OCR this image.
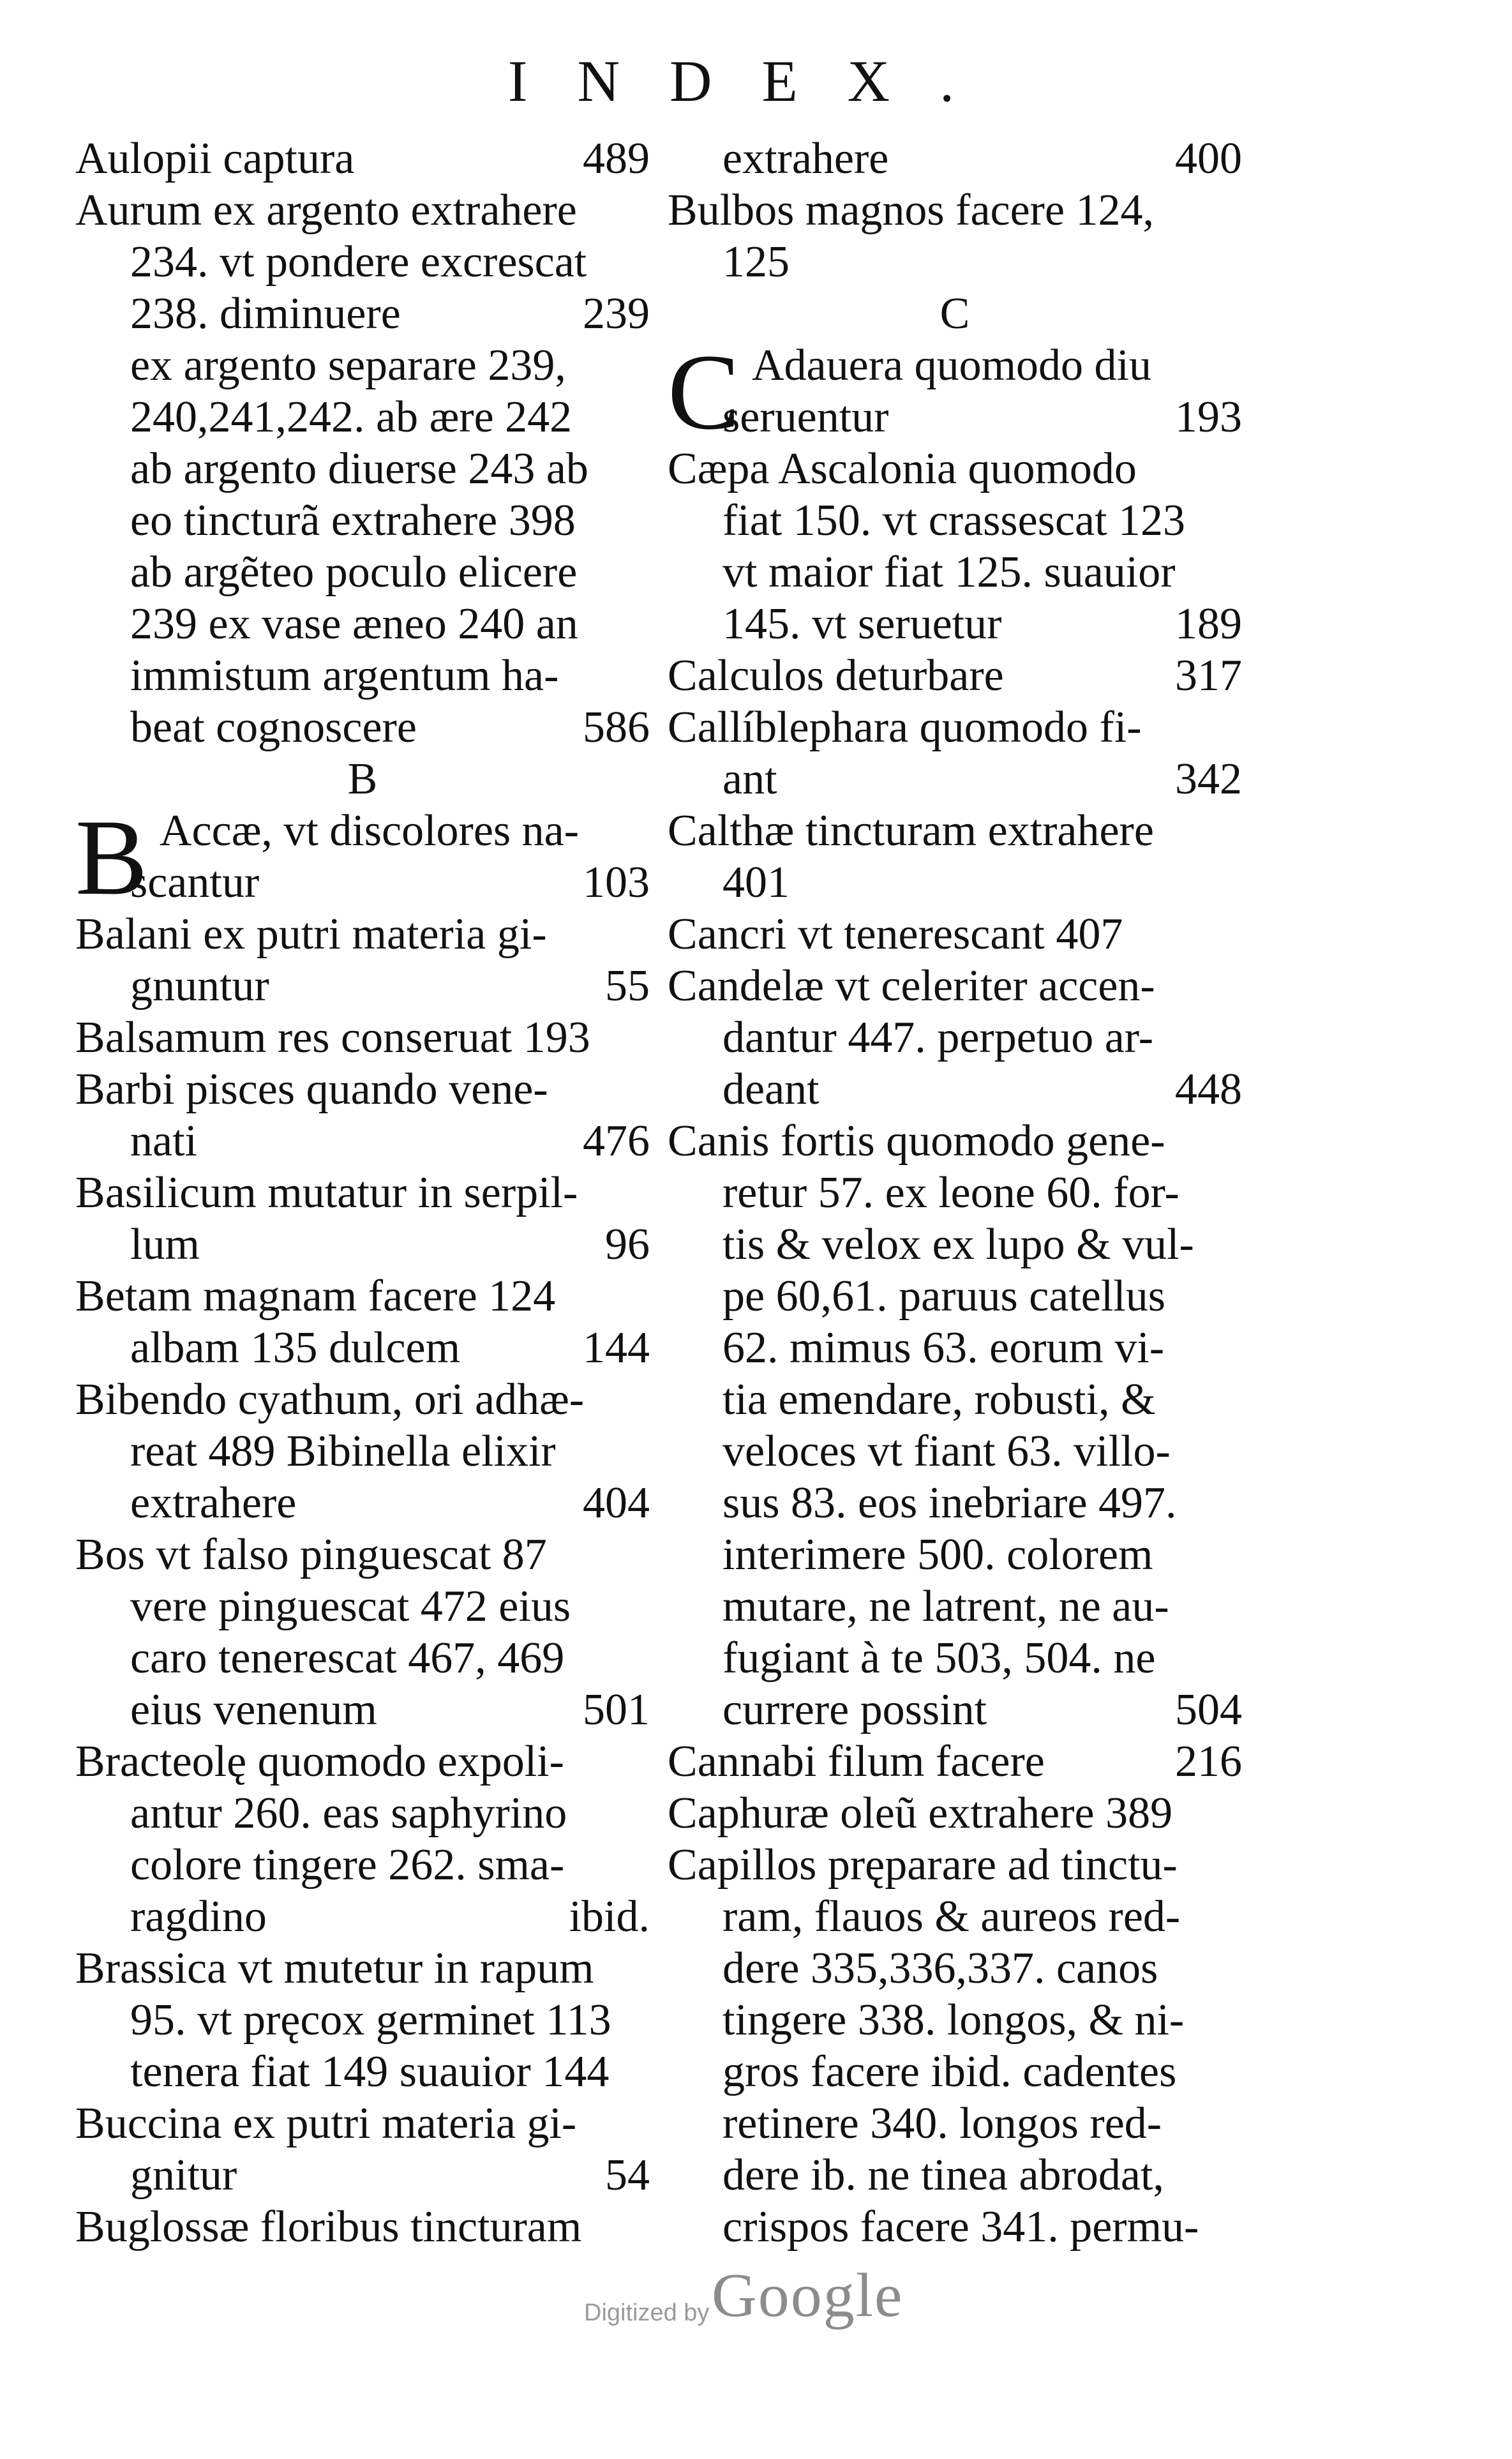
INDEX.
Aulopii captura	489
Aurum ex argento extrahere
234. vt pondere excrescat
238. diminuere	239
ex argento separare 239,
240,241,242. ab ære 242
ab argento diuerse 243 ab
eo tincturã extrahere 398
ab argẽteo poculo elicere
239 ex vase æneo 240 an
immistum argentum ha-
beat cognoscere	586
B
B Accæ, vt discolores na-
scantur	103
Balani ex putri materia gi-
gnuntur	55
Balsamum res conseruat 193
Barbi pisces quando vene-
nati	476
Basilicum mutatur in serpil-
lum	96
Betam magnam facere 124
albam 135 dulcem	144
Bibendo cyathum, ori adhæ-
reat 489 Bibinella elixir
extrahere	404
Bos vt falso pinguescat 87
vere pinguescat 472 eius
caro tenerescat 467, 469
eius venenum	501
Bracteolę quomodo expoli-
antur 260. eas saphyrino
colore tingere 262. sma-
ragdino	ibid.
Brassica vt mutetur in rapum
95. vt pręcox germinet 113
tenera fiat 149 suauior 144
Buccina ex putri materia gi-
gnitur	54
Buglossæ floribus tincturam
extrahere	400
Bulbos magnos facere 124,
125
C
C Adauera quomodo diu
seruentur	193
Cæpa Ascalonia quomodo
fiat 150. vt crassescat 123
vt maior fiat 125. suauior
145. vt seruetur	189
Calculos deturbare	317
Callíblephara quomodo fi-
ant	342
Calthæ tincturam extrahere
401
Cancri vt tenerescant 407
Candelæ vt celeriter accen-
dantur 447. perpetuo ar-
deant	448
Canis fortis quomodo gene-
retur 57. ex leone 60. for-
tis & velox ex lupo & vul-
pe 60,61. paruus catellus
62. mimus 63. eorum vi-
tia emendare, robusti, &
veloces vt fiant 63. villo-
sus 83. eos inebriare 497.
interimere 500. colorem
mutare, ne latrent, ne au-
fugiant à te 503, 504. ne
currere possint	504
Cannabi filum facere	216
Caphuræ oleũ extrahere 389
Capillos pręparare ad tinctu-
ram, flauos & aureos red-
dere 335,336,337. canos
tingere 338. longos, & ni-
gros facere ibid. cadentes
retinere 340. longos red-
dere ib. ne tinea abrodat,
crispos facere 341. permu-
Digitized by Google
